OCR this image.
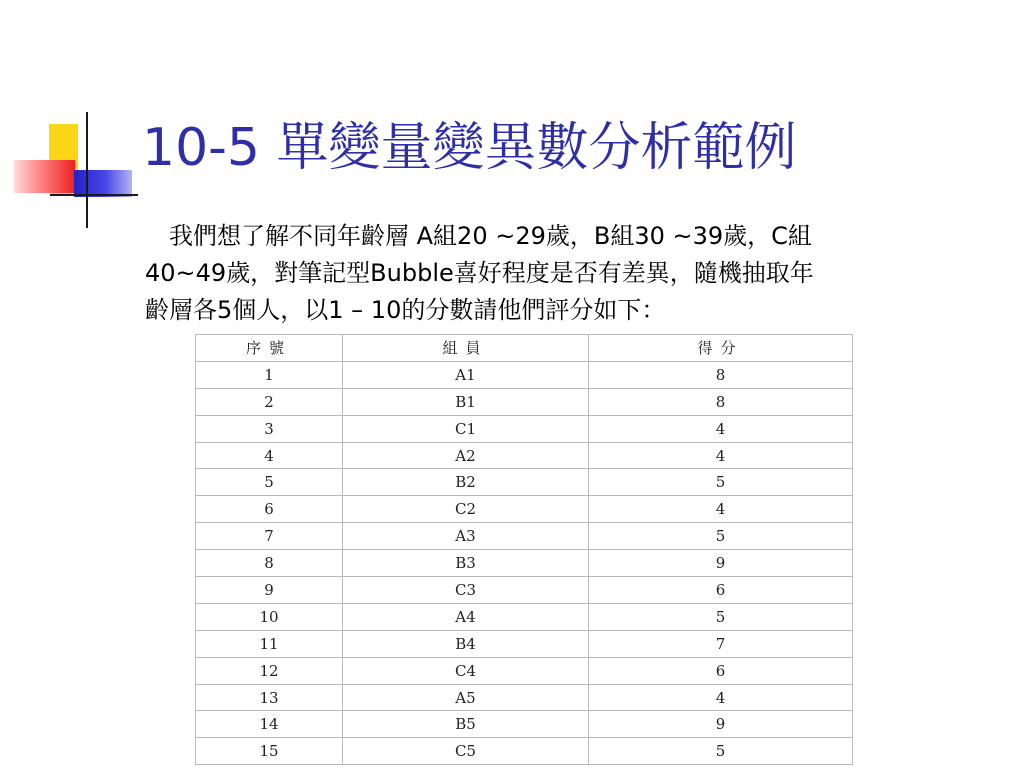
10-5 單變量變異數分析範例

　我們想了解不同年齡層 A組20 ~29歲，B組30 ~39歲，C組
40~49歲，對筆記型Bubble喜好程度是否有差異，隨機抽取年
齡層各5個人，以1 – 10的分數請他們評分如下：

序號	組員	得分
1	A1	8
2	B1	8
3	C1	4
4	A2	4
5	B2	5
6	C2	4
7	A3	5
8	B3	9
9	C3	6
10	A4	5
11	B4	7
12	C4	6
13	A5	4
14	B5	9
15	C5	5
